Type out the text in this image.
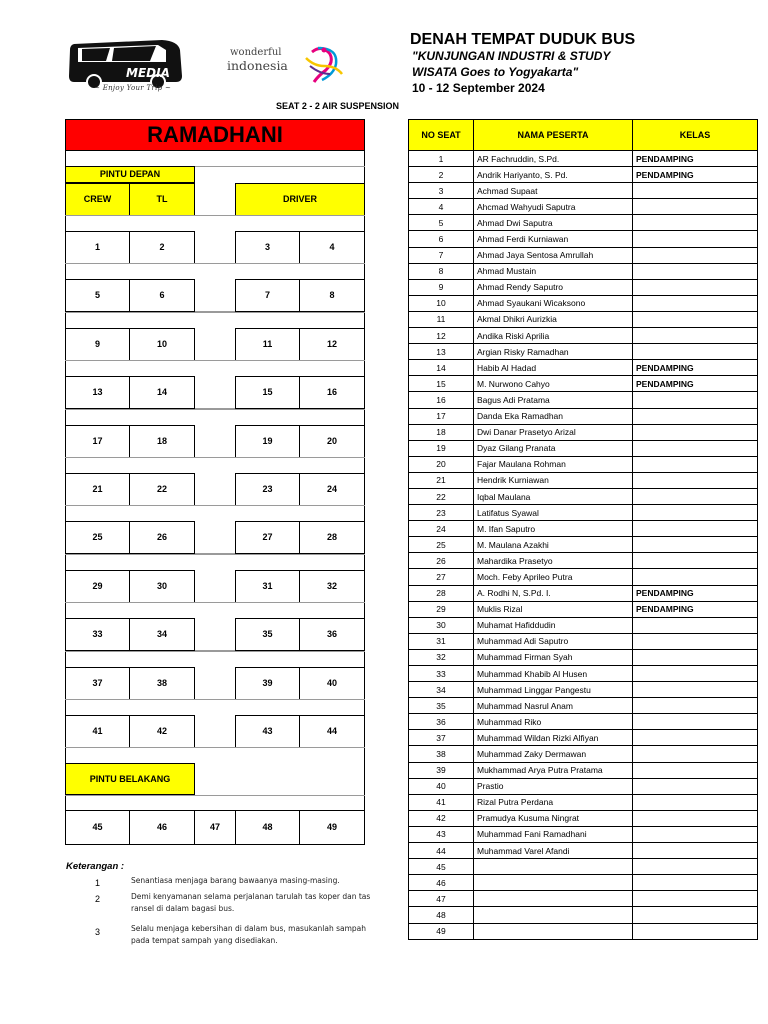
MEDIA
~ Enjoy Your Trip ~
wonderful
indonesia
DENAH TEMPAT DUDUK BUS
"KUNJUNGAN INDUSTRI & STUDY
WISATA Goes to Yogyakarta"
10 - 12 September 2024
SEAT 2 - 2 AIR SUSPENSION
RAMADHANI
PINTU DEPAN
CREW	TL	DRIVER
1	2	3	4
5	6	7	8
9	10	11	12
13	14	15	16
17	18	19	20
21	22	23	24
25	26	27	28
29	30	31	32
33	34	35	36
37	38	39	40
41	42	43	44
PINTU BELAKANG
45	46	47	48	49
NO SEAT	NAMA PESERTA	KELAS
1	AR Fachruddin, S.Pd.	PENDAMPING
2	Andrik Hariyanto, S. Pd.	PENDAMPING
3	Achmad Supaat	
4	Ahcmad Wahyudi Saputra	
5	Ahmad Dwi Saputra	
6	Ahmad Ferdi Kurniawan	
7	Ahmad Jaya Sentosa Amrullah	
8	Ahmad Mustain	
9	Ahmad Rendy Saputro	
10	Ahmad Syaukani Wicaksono	
11	Akmal Dhikri Aurizkia	
12	Andika Riski Aprilia	
13	Argian Risky Ramadhan	
14	Habib Al Hadad	PENDAMPING
15	M. Nurwono Cahyo	PENDAMPING
16	Bagus Adi Pratama	
17	Danda Eka Ramadhan	
18	Dwi Danar Prasetyo Arizal	
19	Dyaz Gilang Pranata	
20	Fajar Maulana Rohman	
21	Hendrik Kurniawan	
22	Iqbal Maulana	
23	Latifatus Syawal	
24	M. Ifan Saputro	
25	M. Maulana Azakhi	
26	Mahardika Prasetyo	
27	Moch. Feby Aprileo Putra	
28	A. Rodhi N, S.Pd. I.	PENDAMPING
29	Muklis Rizal	PENDAMPING
30	Muhamat Hafiddudin	
31	Muhammad Adi Saputro	
32	Muhammad Firman Syah	
33	Muhammad Khabib Al Husen	
34	Muhammad Linggar Pangestu	
35	Muhammad Nasrul Anam	
36	Muhammad Riko	
37	Muhammad Wildan Rizki Alfiyan	
38	Muhammad Zaky Dermawan	
39	Mukhammad Arya Putra Pratama	
40	Prastio	
41	Rizal Putra Perdana	
42	Pramudya Kusuma Ningrat	
43	Muhammad Fani Ramadhani	
44	Muhammad Varel Afandi	
45		
46		
47		
48		
49		
Keterangan :
1	Senantiasa menjaga barang bawaanya masing-masing.
2	Demi kenyamanan selama perjalanan tarulah tas koper dan tas
ransel di dalam bagasi bus.
3	Selalu menjaga kebersihan di dalam bus, masukanlah sampah
pada tempat sampah yang disediakan.
